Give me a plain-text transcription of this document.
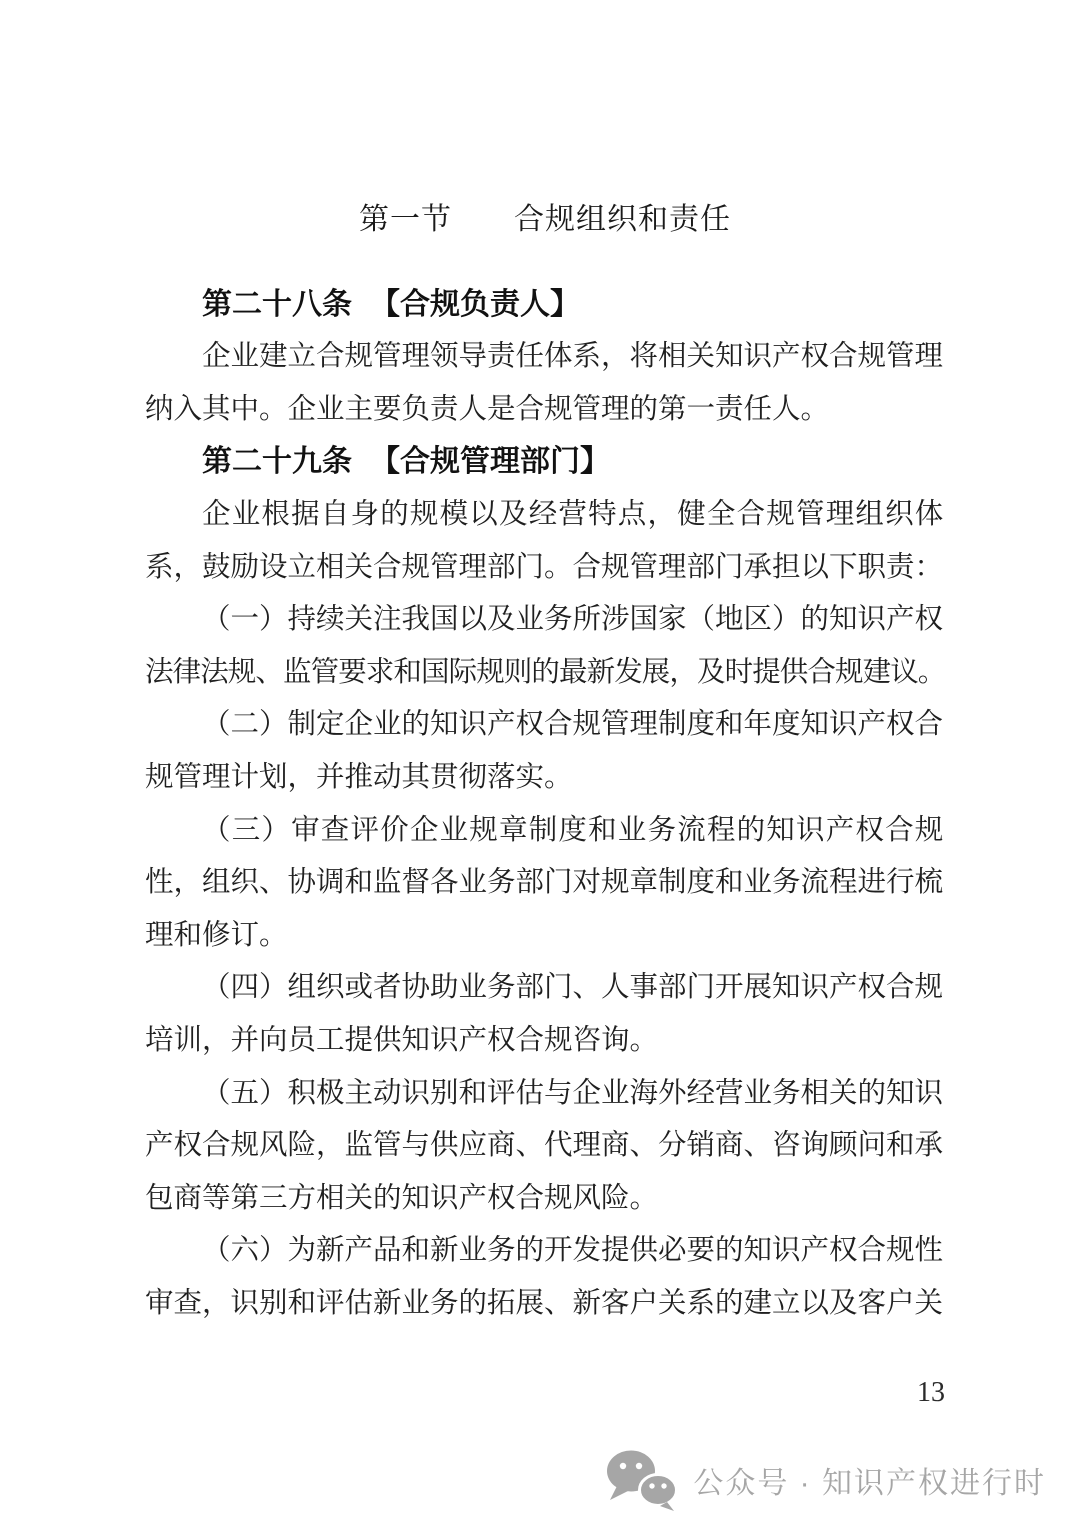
第一节　　合规组织和责任
第二十八条 【合规负责人】
企业建立合规管理领导责任体系，将相关知识产权合规管理
纳入其中。企业主要负责人是合规管理的第一责任人。
第二十九条 【合规管理部门】
企业根据自身的规模以及经营特点，健全合规管理组织体
系，鼓励设立相关合规管理部门。合规管理部门承担以下职责：
（一）持续关注我国以及业务所涉国家（地区）的知识产权
法律法规、监管要求和国际规则的最新发展，及时提供合规建议。
（二）制定企业的知识产权合规管理制度和年度知识产权合
规管理计划，并推动其贯彻落实。
（三）审查评价企业规章制度和业务流程的知识产权合规
性，组织、协调和监督各业务部门对规章制度和业务流程进行梳
理和修订。
（四）组织或者协助业务部门、人事部门开展知识产权合规
培训，并向员工提供知识产权合规咨询。
（五）积极主动识别和评估与企业海外经营业务相关的知识
产权合规风险，监管与供应商、代理商、分销商、咨询顾问和承
包商等第三方相关的知识产权合规风险。
（六）为新产品和新业务的开发提供必要的知识产权合规性
审查，识别和评估新业务的拓展、新客户关系的建立以及客户关
13
公众号 · 知识产权进行时
